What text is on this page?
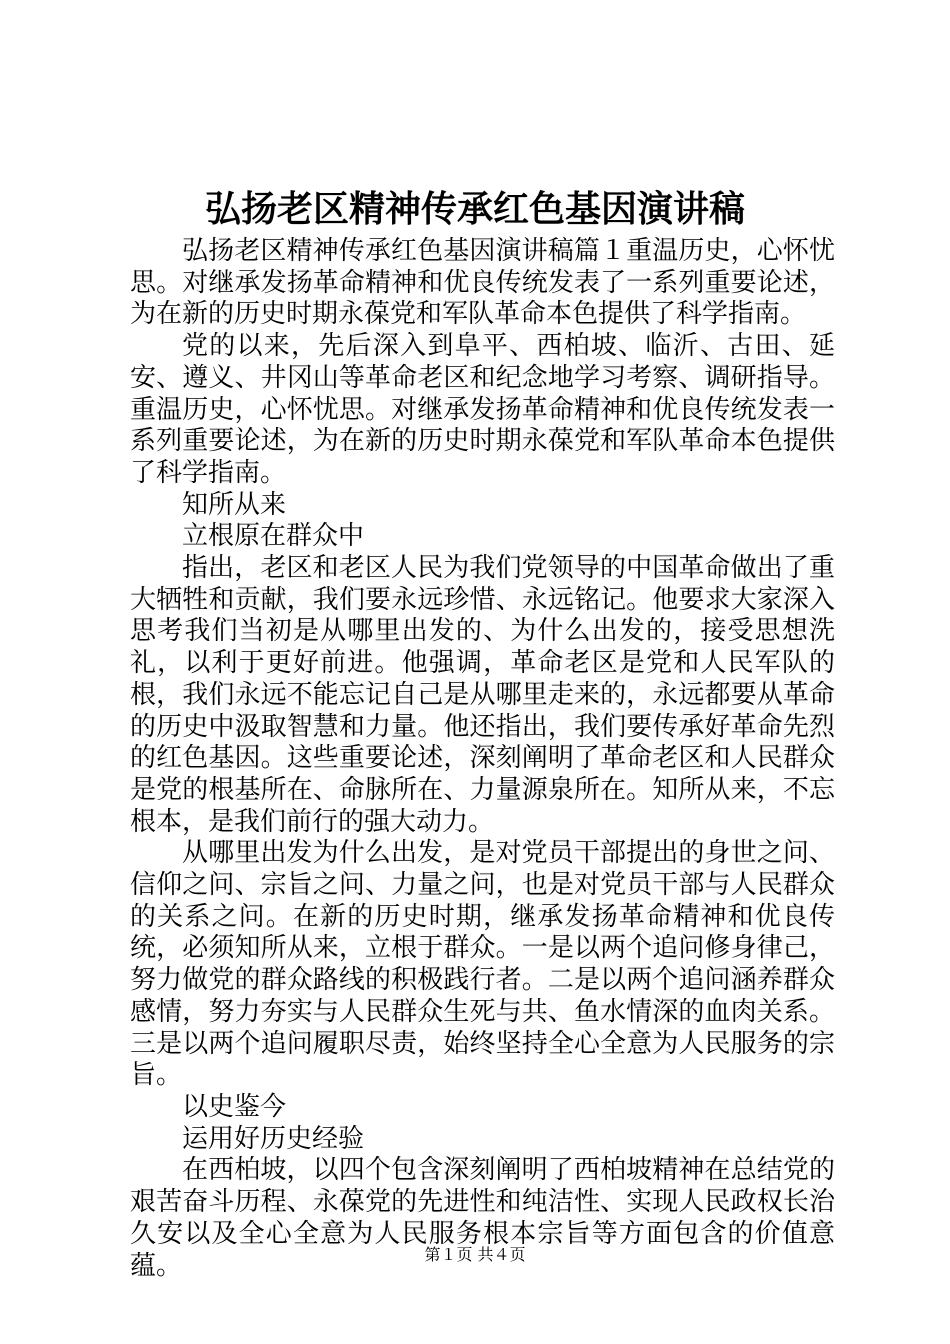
弘扬老区精神传承红色基因演讲稿

弘扬老区精神传承红色基因演讲稿篇１重温历史，心怀忧思。对继承发扬革命精神和优良传统发表了一系列重要论述，为在新的历史时期永葆党和军队革命本色提供了科学指南。

党的以来，先后深入到阜平、西柏坡、临沂、古田、延安、遵义、井冈山等革命老区和纪念地学习考察、调研指导。重温历史，心怀忧思。对继承发扬革命精神和优良传统发表一系列重要论述，为在新的历史时期永葆党和军队革命本色提供了科学指南。

知所从来

立根原在群众中

指出，老区和老区人民为我们党领导的中国革命做出了重大牺牲和贡献，我们要永远珍惜、永远铭记。他要求大家深入思考我们当初是从哪里出发的、为什么出发的，接受思想洗礼，以利于更好前进。他强调，革命老区是党和人民军队的根，我们永远不能忘记自己是从哪里走来的，永远都要从革命的历史中汲取智慧和力量。他还指出，我们要传承好革命先烈的红色基因。这些重要论述，深刻阐明了革命老区和人民群众是党的根基所在、命脉所在、力量源泉所在。知所从来，不忘根本，是我们前行的强大动力。

从哪里出发为什么出发，是对党员干部提出的身世之问、信仰之问、宗旨之问、力量之问，也是对党员干部与人民群众的关系之问。在新的历史时期，继承发扬革命精神和优良传统，必须知所从来，立根于群众。一是以两个追问修身律己，努力做党的群众路线的积极践行者。二是以两个追问涵养群众感情，努力夯实与人民群众生死与共、鱼水情深的血肉关系。三是以两个追问履职尽责，始终坚持全心全意为人民服务的宗旨。

以史鉴今

运用好历史经验

在西柏坡，以四个包含深刻阐明了西柏坡精神在总结党的艰苦奋斗历程、永葆党的先进性和纯洁性、实现人民政权长治久安以及全心全意为人民服务根本宗旨等方面包含的价值意蕴。	第１页 共４页
